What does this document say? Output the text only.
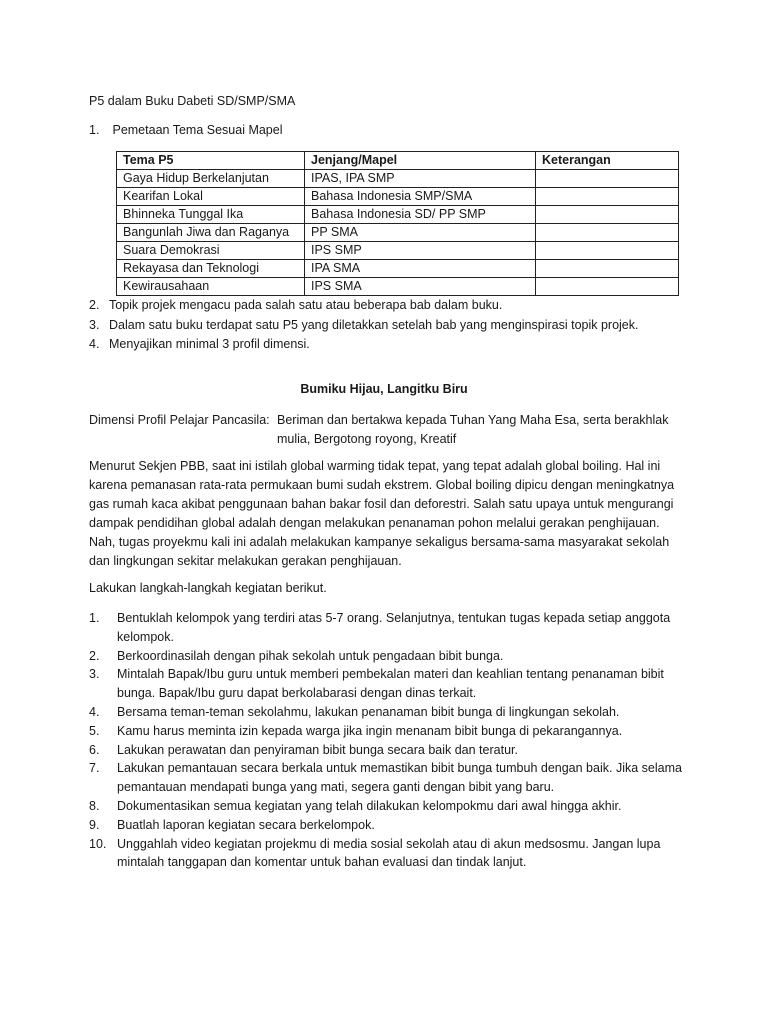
P5 dalam Buku Dabeti SD/SMP/SMA
1. Pemetaan Tema Sesuai Mapel
Tema P5	Jenjang/Mapel	Keterangan
Gaya Hidup Berkelanjutan	IPAS, IPA SMP	
Kearifan Lokal	Bahasa Indonesia SMP/SMA	
Bhinneka Tunggal Ika	Bahasa Indonesia SD/ PP SMP	
Bangunlah Jiwa dan Raganya	PP SMA	
Suara Demokrasi	IPS SMP	
Rekayasa dan Teknologi	IPA SMA	
Kewirausahaan	IPS SMA	
2. Topik projek mengacu pada salah satu atau beberapa bab dalam buku.
3. Dalam satu buku terdapat satu P5 yang diletakkan setelah bab yang menginspirasi topik projek.
4. Menyajikan minimal 3 profil dimensi.
Bumiku Hijau, Langitku Biru
Dimensi Profil Pelajar Pancasila: Beriman dan bertakwa kepada Tuhan Yang Maha Esa, serta berakhlak mulia, Bergotong royong, Kreatif
Menurut Sekjen PBB, saat ini istilah global warming tidak tepat, yang tepat adalah global boiling. Hal ini karena pemanasan rata-rata permukaan bumi sudah ekstrem. Global boiling dipicu dengan meningkatnya gas rumah kaca akibat penggunaan bahan bakar fosil dan deforestri. Salah satu upaya untuk mengurangi dampak pendidihan global adalah dengan melakukan penanaman pohon melalui gerakan penghijauan. Nah, tugas proyekmu kali ini adalah melakukan kampanye sekaligus bersama-sama masyarakat sekolah dan lingkungan sekitar melakukan gerakan penghijauan.
Lakukan langkah-langkah kegiatan berikut.
1. Bentuklah kelompok yang terdiri atas 5-7 orang. Selanjutnya, tentukan tugas kepada setiap anggota kelompok.
2. Berkoordinasilah dengan pihak sekolah untuk pengadaan bibit bunga.
3. Mintalah Bapak/Ibu guru untuk memberi pembekalan materi dan keahlian tentang penanaman bibit bunga. Bapak/Ibu guru dapat berkolabarasi dengan dinas terkait.
4. Bersama teman-teman sekolahmu, lakukan penanaman bibit bunga di lingkungan sekolah.
5. Kamu harus meminta izin kepada warga jika ingin menanam bibit bunga di pekarangannya.
6. Lakukan perawatan dan penyiraman bibit bunga secara baik dan teratur.
7. Lakukan pemantauan secara berkala untuk memastikan bibit bunga tumbuh dengan baik. Jika selama pemantauan mendapati bunga yang mati, segera ganti dengan bibit yang baru.
8. Dokumentasikan semua kegiatan yang telah dilakukan kelompokmu dari awal hingga akhir.
9. Buatlah laporan kegiatan secara berkelompok.
10. Unggahlah video kegiatan projekmu di media sosial sekolah atau di akun medsosmu. Jangan lupa mintalah tanggapan dan komentar untuk bahan evaluasi dan tindak lanjut.
